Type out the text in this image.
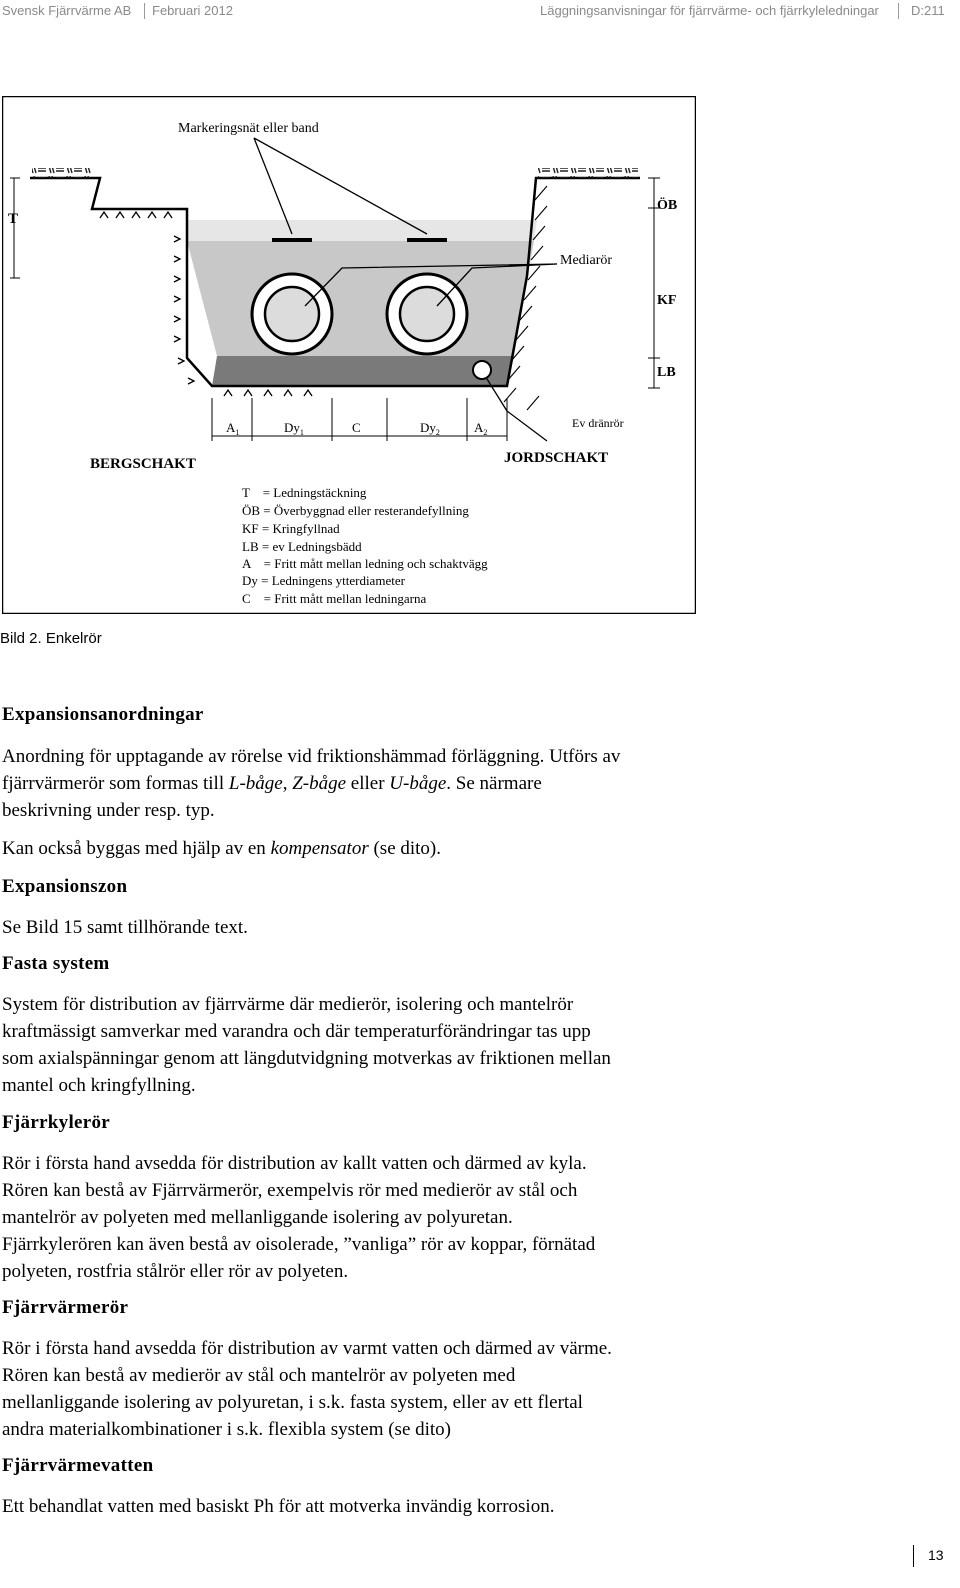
Svensk Fjärrvärme AB Februari 2012	Läggningsanvisningar för fjärrvärme- och fjärrkyleledningar D:211
Markeringsnät eller band
T
ÖB
KF
LB
Mediarör
Ev dränrör
$A_1$	$Dy_1$	C	$Dy_2$	$A_2$
BERGSCHAKT	JORDSCHAKT
T    = Ledningstäckning
ÖB = Överbyggnad eller resterandefyllning
KF = Kringfyllnad
LB = ev Ledningsbädd
A    = Fritt mått mellan ledning och schaktvägg
Dy = Ledningens ytterdiameter
C    = Fritt mått mellan ledningarna
Bild 2. Enkelrör
Expansionsanordningar
Anordning för upptagande av rörelse vid friktionshämmad förläggning. Utförs av
fjärrvärmerör som formas till L-båge, Z-båge eller U-båge. Se närmare
beskrivning under resp. typ.
Kan också byggas med hjälp av en kompensator (se dito).
Expansionszon
Se Bild 15 samt tillhörande text.
Fasta system
System för distribution av fjärrvärme där medierör, isolering och mantelrör
kraftmässigt samverkar med varandra och där temperaturförändringar tas upp
som axialspänningar genom att längdutvidgning motverkas av friktionen mellan
mantel och kringfyllning.
Fjärrkylerör
Rör i första hand avsedda för distribution av kallt vatten och därmed av kyla.
Rören kan bestå av Fjärrvärmerör, exempelvis rör med medierör av stål och
mantelrör av polyeten med mellanliggande isolering av polyuretan.
Fjärrkylerören kan även bestå av oisolerade, ”vanliga” rör av koppar, förnätad
polyeten, rostfria stålrör eller rör av polyeten.
Fjärrvärmerör
Rör i första hand avsedda för distribution av varmt vatten och därmed av värme.
Rören kan bestå av medierör av stål och mantelrör av polyeten med
mellanliggande isolering av polyuretan, i s.k. fasta system, eller av ett flertal
andra materialkombinationer i s.k. flexibla system (se dito)
Fjärrvärmevatten
Ett behandlat vatten med basiskt Ph för att motverka invändig korrosion.
13
